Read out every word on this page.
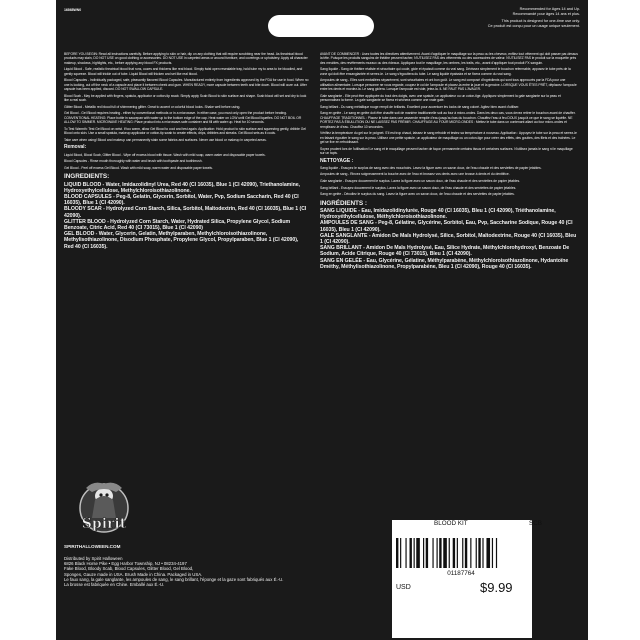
16868WN0	Recommended for Ages 14 and Up.
Recommandé pour âges 14 ans et plus.
This product is designed for one-time use only.
Ce produit est conçu pour un usage unique seulement.

BEFORE YOU BEGIN: Read all instructions carefully. Before applying to skin or hair, dip on any clothing that will require scrubbing near the head. As theatrical blood products may stain, DO NOT USE on good clothing or accessories. DO NOT USE in carpeted areas or around furniture, and coverings or upholstery. Apply all character makeup, shadows, highlights, etc., before applying any blood FX products.

Liquid Blood - Safe, realistic theatrical blood that runs, oozes and thickens like real blood. Simply twist open resealable tray, hold tube my to area to be bloodied, and gently squeeze. Blood will trickle out of tube. Liquid Blood will thicken and set like real blood.

Blood Capsules - Individually packaged, safe, pleasantly flavored Blood Capsules. Manufactured entirely from ingredients approved by the FDA for use in food. When no one is looking, cut off the neck of a capsule and place it between cheek and gum. WHEN READY, more capsule between teeth and bite down. Blood will ooze out. After capsule has been applied, discard. DO NOT SWALLOW CAPSULE.

Blood Scab - May be applied with fingers, spatula, applicator or cotton-tip swab. Simply apply Scab Blood to skin surface and shape. Scab blood will set and dry to look like a real scab.

Glitter Blood - Metallic red blood full of shimmering glitter. Great to accent or colorful blood looks. Shake well before using.

Gel Blood - Gel Blood requires heating - either by conventional methods or in a microwave. In either case, you must only open the product before heating. CONVENTIONAL HEATING: Place bottle in saucepan with water up to the bottom edge of the cap. Heat water on LOW until Gel Blood liquefies. DO NOT BOIL OR ALLOW TO SIMMER. MICROWAVE HEATING: Place product into a microwave-safe container and fill with water up. Heat for 10 seconds.

To Test Warmth: Test Gel Blood on wrist. If too warm, allow Gel Blood to cool and test again. Application: Hold product to skin surface and squeezing gently, dribble Gel Blood onto skin. Use a small spatula, makeup applicator or cotton-tip swab to create effects, drips, dribbles and streaks. Gel Blood sets as it cools.

Take care when using! Blood and makeup can permanently stain some fabrics and surfaces. Never use blood or makeup in carpeted areas.

Removal:

Liquid Blood, Blood Scab, Glitter Blood - Wipe off excess blood with tissue. Wash with mild soap, warm water and disposable paper towels.

Blood Capsules - Rinse mouth thoroughly with water and brush with toothpaste and toothbrush.

Gel Blood - Peel off excess Gel Blood. Wash with mild soap, warm water and disposable paper towels.

INGREDIENTS:

LIQUID BLOOD - Water, Imidazolidinyl Urea, Red 40 (CI 16035), Blue 1 (CI 42090), Triethanolamine, Hydroxyethylcellulose, Methylchloroisothiazolinone.

BLOOD CAPSULES - Peg-8, Gelatin, Glycerin, Sorbitol, Water, Pvp, Sodium Saccharin, Red 40 (CI 16035), Blue 1 (CI 42090).

BLOODY SCAR - Hydrolyzed Corn Starch, Silica, Sorbitol, Maltodextrin, Red 40 (CI 16035), Blue 1 (CI 42090).

GLITTER BLOOD - Hydrolyzed Corn Starch, Water, Hydrated Silica, Propylene Glycol, Sodium Benzoate, Citric Acid, Red 40 (CI 73015), Blue 1 (CI 42090)

GEL BLOOD - Water, Glycerin, Gelatin, Methylparaben, Methylchloroisothiazolinone, Methylisothiazolinone, Disodium Phosphate, Propylene Glycol, Propylparaben, Blue 1 (CI 42090), Red 40 (CI 16035).

AVANT DE COMMENCER : Lisez toutes les directives attentivement. Avant d'appliquer le maquillage sur la peau ou les cheveux, enfilez tout vêtement qui doit passer par-dessus la tête. Puisque les produits sanguins de théâtre peuvent tacher, N'UTILISEZ PAS des vêtements ou des accessoires de valeur. N'UTILISEZ PAS le produit sur la moquette près des meubles, des revêtements muraux ou des rideaux. Appliquez tout le maquillage, les ombres, les traits, etc., avant d'appliquer tout produit FX sanguin.

Sang liquide - Sang de théâtre réaliste et sécuritaire qui coule, gicle et épaissit comme du vrai sang. Dévissez simplement le bouchon refermable, apposez le tube près de la zone qui doit être ensanglantée et serrez-le. Le sang s'égouttera du tube. Le sang liquide épaissira et se fixera comme du vrai sang.

Ampoules de sang - Elles sont emballées séparément, sont sécuritaires et ont bon goût. Le sang est composé d'ingrédients qui sont tous approuvés par la FDA pour une utilisation alimentaire. Lorsque personne ne vous regarde, coupez le col de l'ampoule et placez-la entre la joue et la gencive. LORSQUE VOUS ÊTES PRÊT, déplacez l'ampoule entre les dents et mordez-la. Le sang giclera. Lorsque l'ampoule est vide, jetez-la. IL NE FAUT PAS L'AVALER.

Gale sanglante - Elle peut être appliquée du bout des doigts, avec une spatule, un applicateur ou un coton-tige. Appliquez simplement la gale sanglante sur la peau et personnalisez la forme. La gale sanglante se fixera et séchera comme une vraie gale.

Sang brillant - Du sang métallique rouge rempli de brillants. Excellent pour accentuer les looks de sang coloré. Agitez bien avant d'utiliser.

Sang en gelée - Le sang en gelée doit être chauffé soit de manière traditionnelle soit au four à micro-ondes. Dans les deux cas, vous devez retirer le bouchon avant de chauffer. CHAUFFAGE TRADITIONNEL : Placez le tube dans une casserole remplie d'eau jusqu'au bas du bouchon. Chauffez l'eau à feu DOUX jusqu'à ce que le sang se liquéfie. NE PORTEZ PAS À ÉBULLITION OU NE LAISSEZ PAS FRÉMIR. CHAUFFAGE AU FOUR MICRO-ONDES : Mettez le tube dans un contenant allant au four micro-ondes et remplissez-le d'eau. Chauffez 10 secondes.

Vérifiez la température du gel sur le poignet. S'il est trop chaud, laissez le sang refroidir et testez sa température à nouveau. Application : Appuyez le tube sur la peau et serrez-le en faisant égoutter le sang sur la peau. Utilisez une petite spatule, un applicateur de maquillage ou un coton-tige pour créer des effets, des gouttes, des filets et des traînées. Le gel se fixe en refroidissant.

Soyez prudent lors de l'utilisation! Le sang et le maquillage peuvent tacher de façon permanente certains tissus et certaines surfaces. N'utilisez jamais le sang ni le maquillage sur un tapis.

NETTOYAGE :

Sang liquide - Essuyez le surplus de sang avec des mouchoirs. Lavez la figure avec un savon doux, de l'eau chaude et des serviettes de papier jetables.

Ampoules de sang - Rincez soigneusement la bouche avec de l'eau et brossez vos dents avec une brosse à dents et du dentifrice.

Gale sanglante - Essuyez doucement le surplus. Lavez la figure avec un savon doux, de l'eau chaude et des serviettes de papier jetables.

Sang brillant - Essuyez doucement le surplus. Lavez la figure avec un savon doux, de l'eau chaude et des serviettes de papier jetables.

Sang en gelée - Décollez le surplus du sang. Lavez la figure avec un savon doux, de l'eau chaude et des serviettes de papier jetables.

INGRÉDIENTS :

SANG LIQUIDE - Eau, Imidazolidinylurée, Rouge 40 (CI 16035), Bleu 1 (CI 42090), Triéthanolamine, Hydroxyéthylcellulose, Méthylchloroisothiazolinone.

AMPOULES DE SANG - Peg-8, Gélatine, Glycérine, Sorbitol, Eau, Pvp, Saccharine Sodique, Rouge 40 (CI 16035), Bleu 1 (CI 42090).

GALE SANGLANTE - Amidon De Maïs Hydrolysé, Silice, Sorbitol, Maltodextrine, Rouge 40 (CI 16035), Bleu 1 (CI 42090).

SANG BRILLANT - Amidon De Maïs Hydrolysé, Eau, Silice Hydrate, Méthylchlorohydroxyl, Benzoate De Sodium, Acide Citrique, Rouge 40 (CI 73015), Bleu 1 (CI 42090).

SANG EN GELÉE - Eau, Glycérine, Gélatine, Méthylparabène, Méthylchloroisothiazolinone, Hydantoïne Dméthy, Méthylisothiazolinone, Propylparabène, Bleu 1 (CI 42090), Rouge 40 (CI 16035).

Spirit
SPIRITHALLOWEEN.COM
Distributed by Spirit Halloween
6826 Black Horse Pike • Egg Harbor Township, NJ • 08234-4197
Fake Blood, Bloody Scab, Blood Capsules, Glitter Blood, Gel Blood,
Sponges, Gauze made in USA. Brush Made in China. Packaged in USA.
Le faux sang, la gale sanglante, les ampoules de sang, le sang brillant, l'éponge et la gaze sont fabriqués aux É.-U.
La brosse est fabriquée en Chine. Emballé aux É.-U.
01187764
USD	$9.99
BLOOD KIT	SCB
